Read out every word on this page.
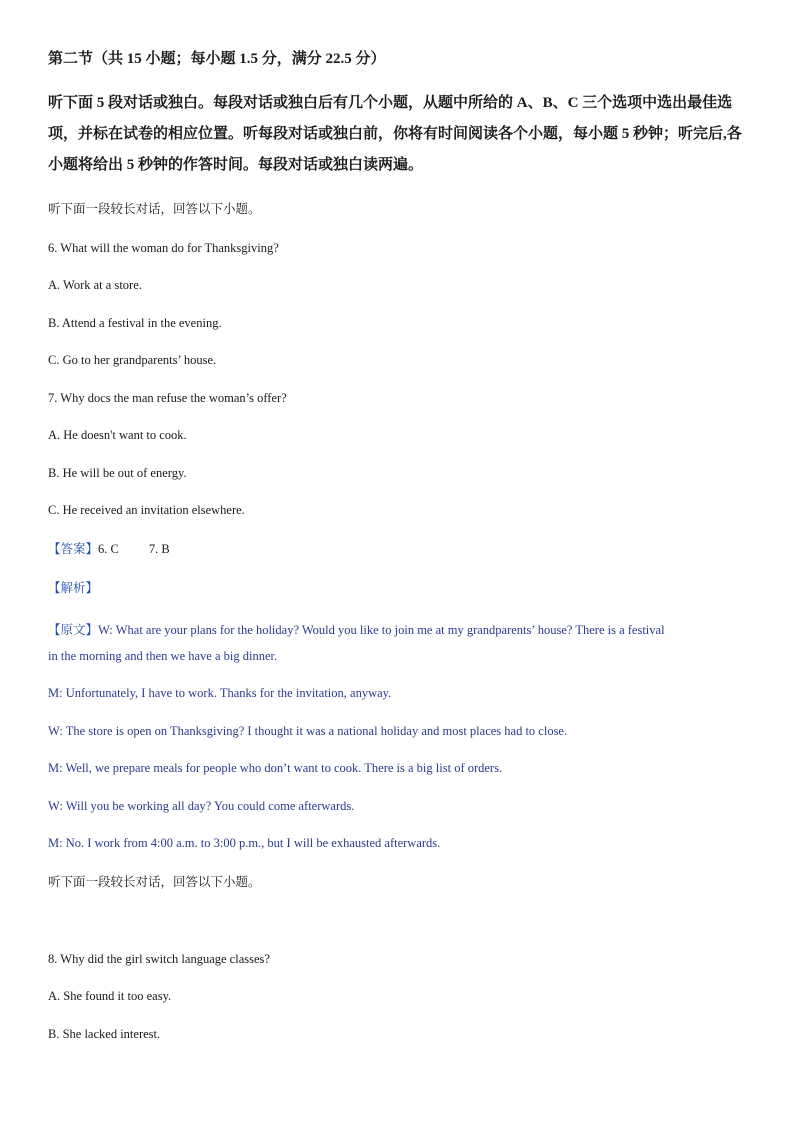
第二节（共 15 小题；每小题 1.5 分，满分 22.5 分）
听下面 5 段对话或独白。每段对话或独白后有几个小题，从题中所给的 A、B、C 三个选项中选出最佳选项，并标在试卷的相应位置。听每段对话或独白前，你将有时间阅读各个小题，每小题 5 秒钟；听完后,各小题将给出 5 秒钟的作答时间。每段对话或独白读两遍。
听下面一段较长对话，回答以下小题。
6. What will the woman do for Thanksgiving?
A. Work at a store.
B. Attend a festival in the evening.
C. Go to her grandparents’ house.
7. Why docs the man refuse the woman’s offer?
A. He doesn't want to cook.
B. He will be out of energy.
C. He received an invitation elsewhere.
【答案】6. C 7. B
【解析】
【原文】W: What are your plans for the holiday? Would you like to join me at my grandparents’ house? There is a festival
in the morning and then we have a big dinner.
M: Unfortunately, I have to work. Thanks for the invitation, anyway.
W: The store is open on Thanksgiving? I thought it was a national holiday and most places had to close.
M: Well, we prepare meals for people who don’t want to cook. There is a big list of orders.
W: Will you be working all day? You could come afterwards.
M: No. I work from 4:00 a.m. to 3:00 p.m., but I will be exhausted afterwards.
听下面一段较长对话，回答以下小题。
8. Why did the girl switch language classes?
A. She found it too easy.
B. She lacked interest.
